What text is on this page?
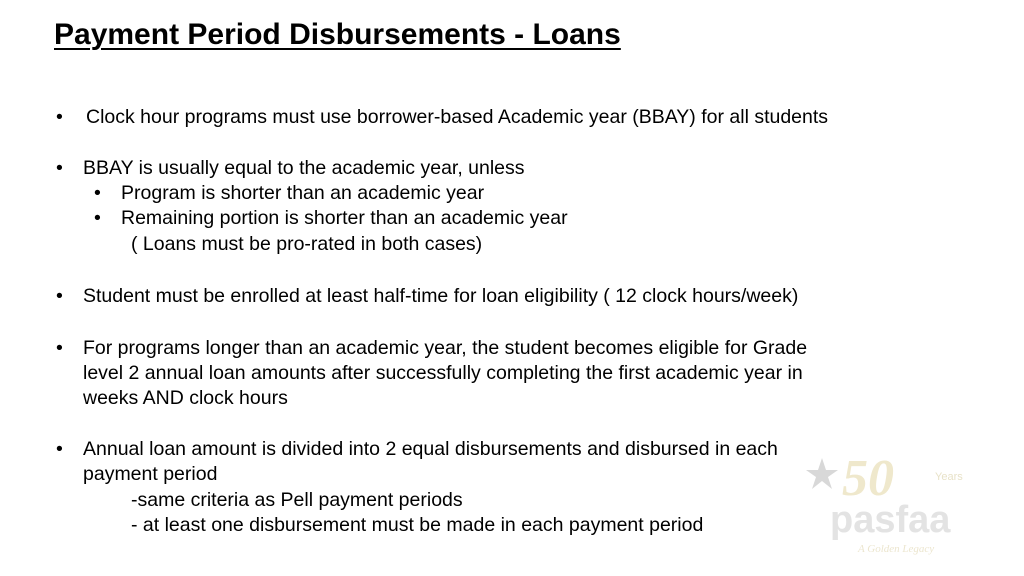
Payment Period Disbursements - Loans
• Clock hour programs must use borrower-based Academic year (BBAY) for all students
• BBAY is usually equal to the academic year, unless
• Program is shorter than an academic year
• Remaining portion is shorter than an academic year
( Loans must be pro-rated in both cases)
• Student must be enrolled at least half-time for loan eligibility ( 12 clock hours/week)
• For programs longer than an academic year, the student becomes eligible for Grade
level 2 annual loan amounts after successfully completing the first academic year in
weeks AND clock hours
• Annual loan amount is divided into 2 equal disbursements and disbursed in each
payment period
-same criteria as Pell payment periods
- at least one disbursement must be made in each payment period
50	Years
pasfaa
A Golden Legacy
